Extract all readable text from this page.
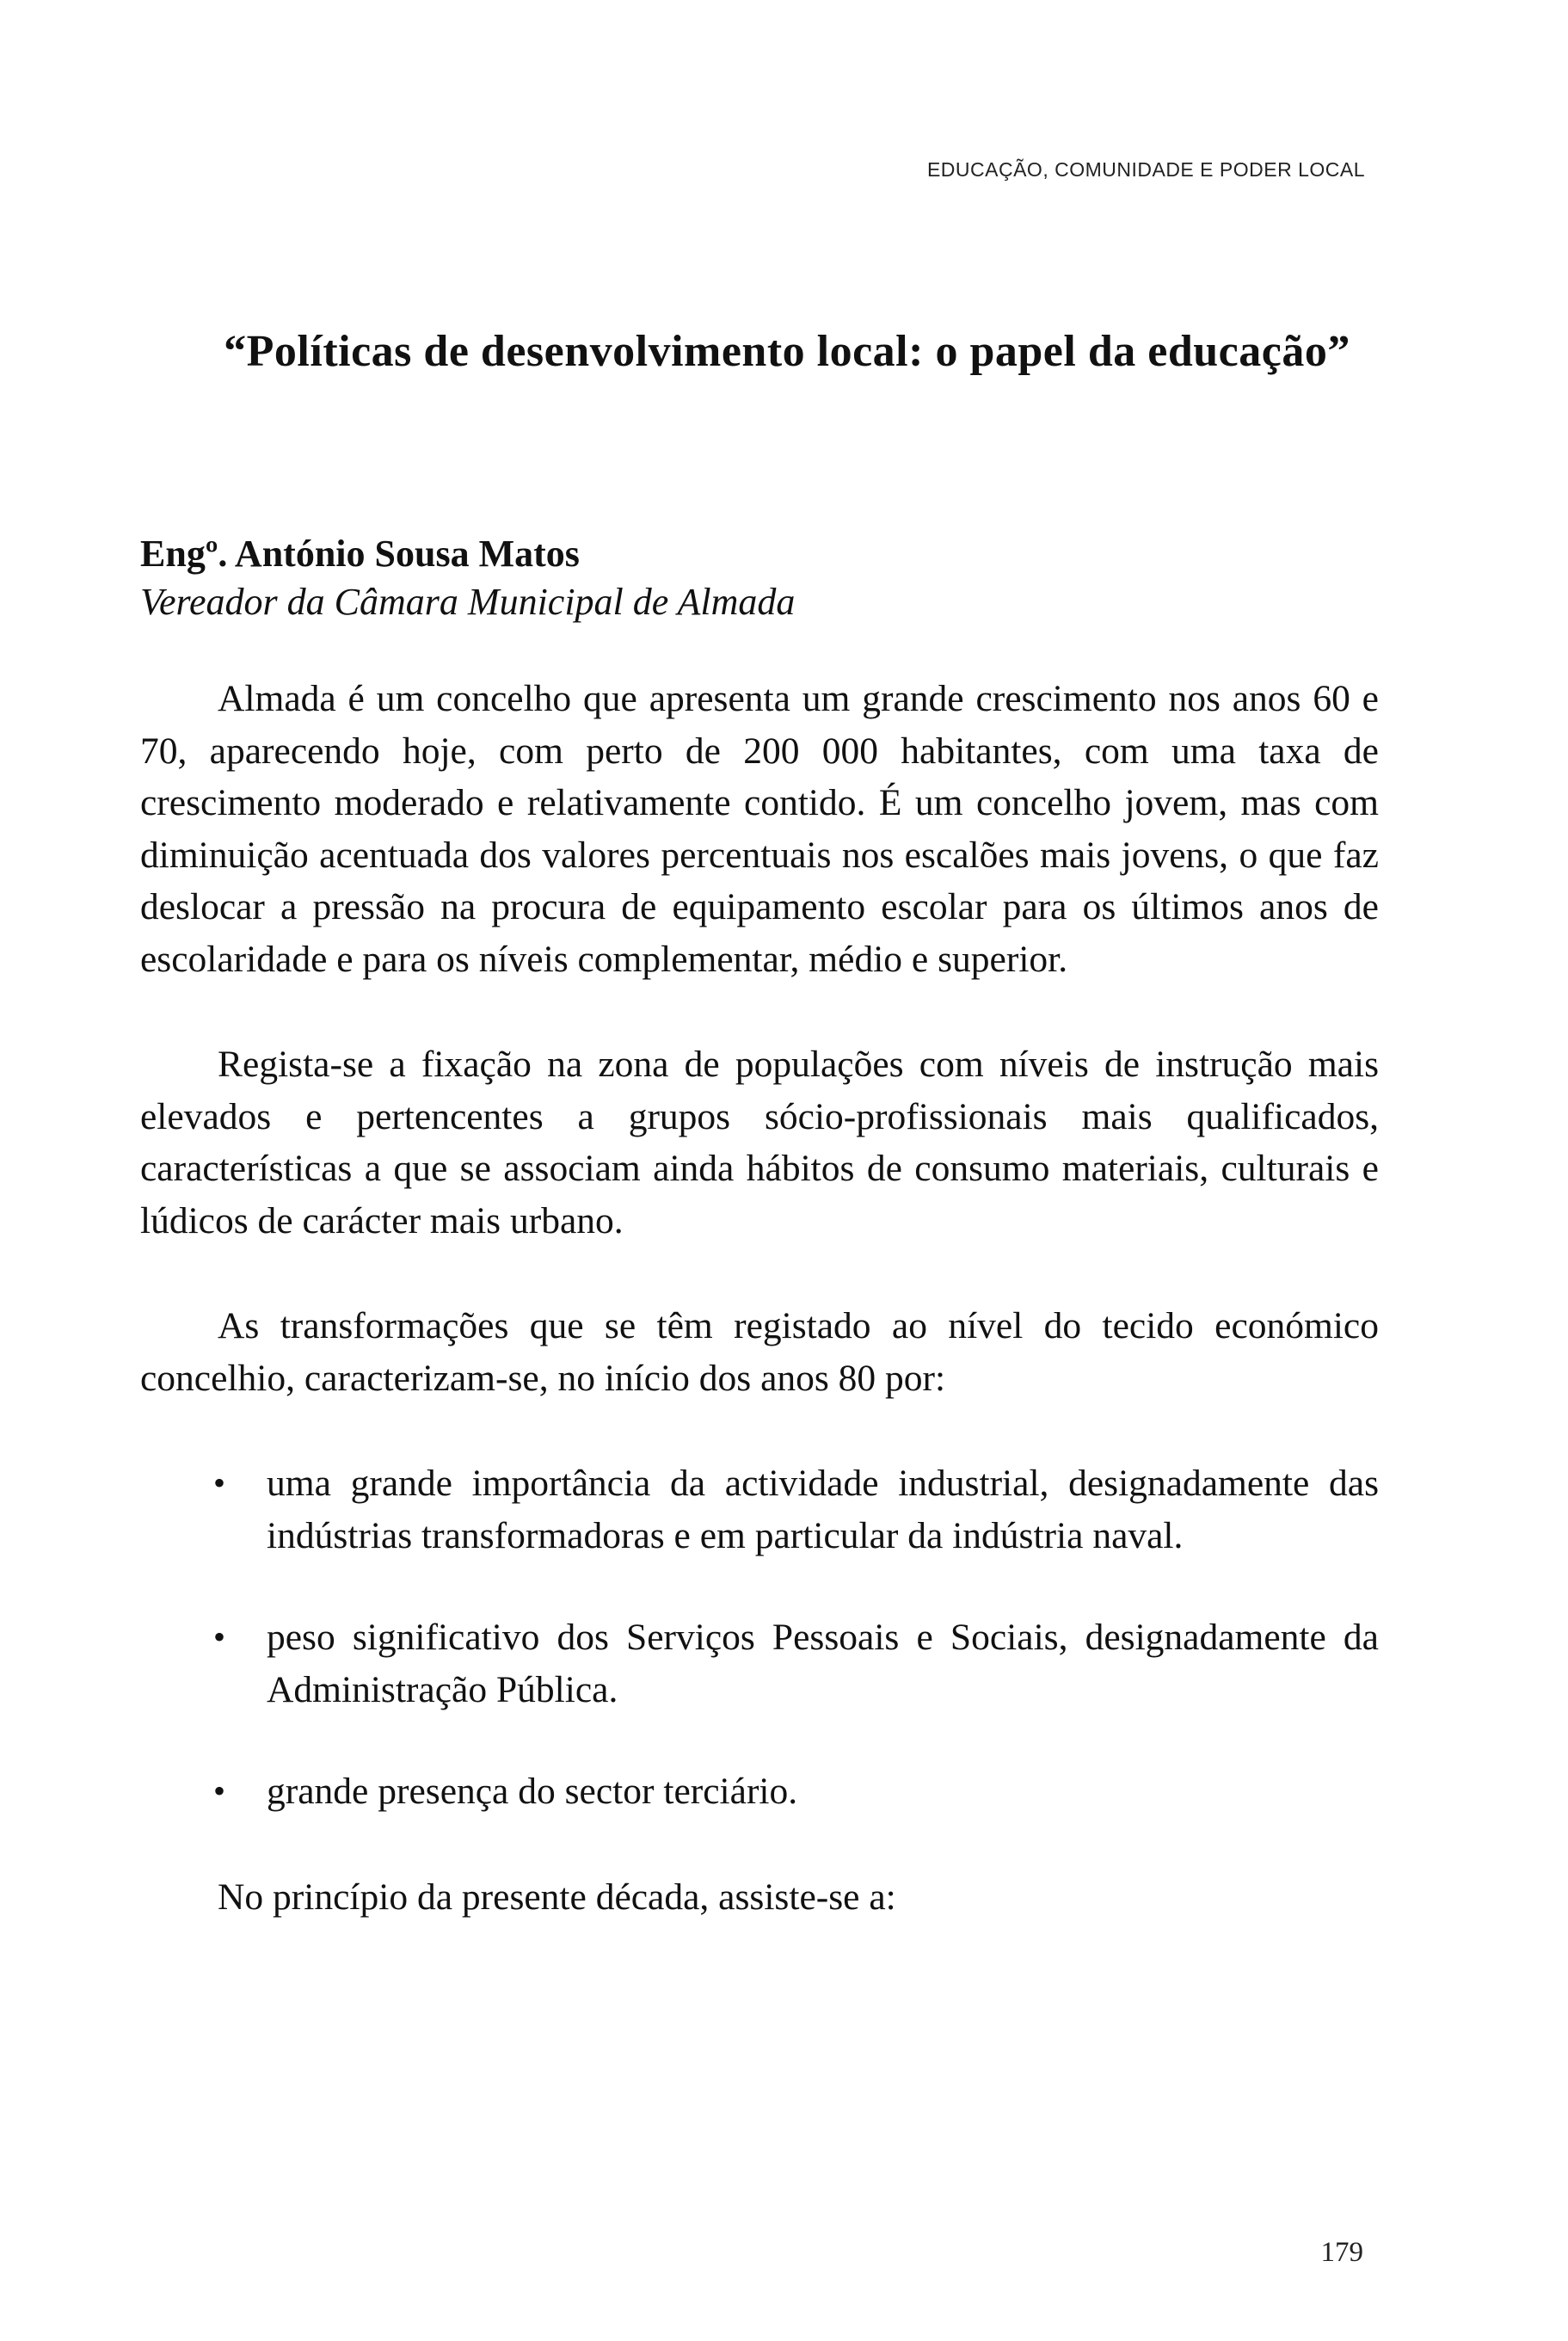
EDUCAÇÃO, COMUNIDADE E PODER LOCAL
“Políticas de desenvolvimento local: o papel da educação”

Engº. António Sousa Matos

Vereador da Câmara Municipal de Almada

Almada é um concelho que apresenta um grande crescimento nos anos 60 e 70, aparecendo hoje, com perto de 200 000 habitantes, com uma taxa de crescimento moderado e relativamente contido. É um concelho jovem, mas com diminuição acentuada dos valores percentuais nos escalões mais jovens, o que faz deslocar a pressão na procura de equipamento escolar para os últimos anos de escolaridade e para os níveis complementar, médio e superior.

Regista-se a fixação na zona de populações com níveis de instrução mais elevados e pertencentes a grupos sócio-profissionais mais qualificados, características a que se associam ainda hábitos de consumo materiais, culturais e lúdicos de carácter mais urbano.

As transformações que se têm registado ao nível do tecido económico concelhio, caracterizam-se, no início dos anos 80 por:

• uma grande importância da actividade industrial, designadamente das indústrias transformadoras e em particular da indústria naval.
• peso significativo dos Serviços Pessoais e Sociais, designadamente da Administração Pública.
• grande presença do sector terciário.

No princípio da presente década, assiste-se a:

179
